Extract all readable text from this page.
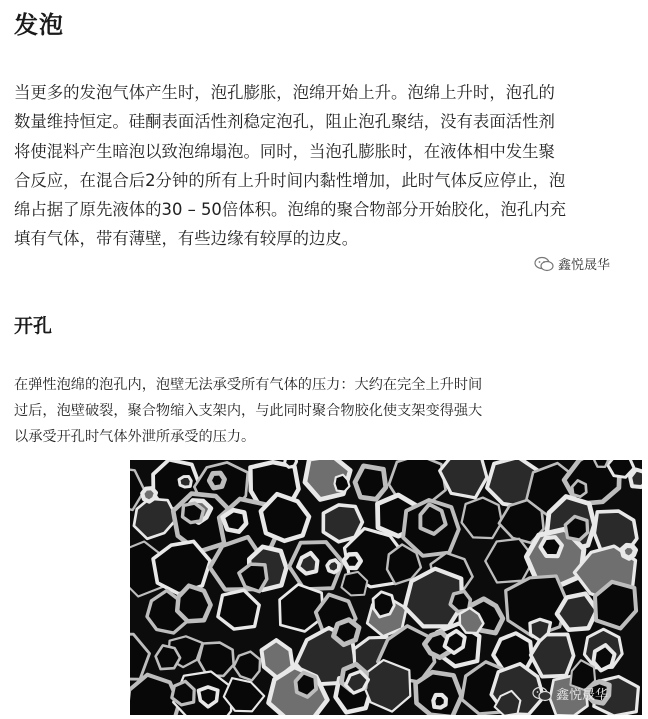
发泡

当更多的发泡气体产生时，泡孔膨胀，泡绵开始上升。泡绵上升时，泡孔的
数量维持恒定。硅酮表面活性剂稳定泡孔，阻止泡孔聚结，没有表面活性剂
将使混料产生暗泡以致泡绵塌泡。同时，当泡孔膨胀时，在液体相中发生聚
合反应，在混合后2分钟的所有上升时间内黏性增加，此时气体反应停止，泡
绵占据了原先液体的30 – 50倍体积。泡绵的聚合物部分开始胶化，泡孔内充
填有气体，带有薄壁，有些边缘有较厚的边皮。

鑫悦晟华
开孔

在弹性泡绵的泡孔内，泡壁无法承受所有气体的压力：大约在完全上升时间
过后，泡壁破裂，聚合物缩入支架内，与此同时聚合物胶化使支架变得强大
以承受开孔时气体外泄所承受的压力。

鑫悦晟华
